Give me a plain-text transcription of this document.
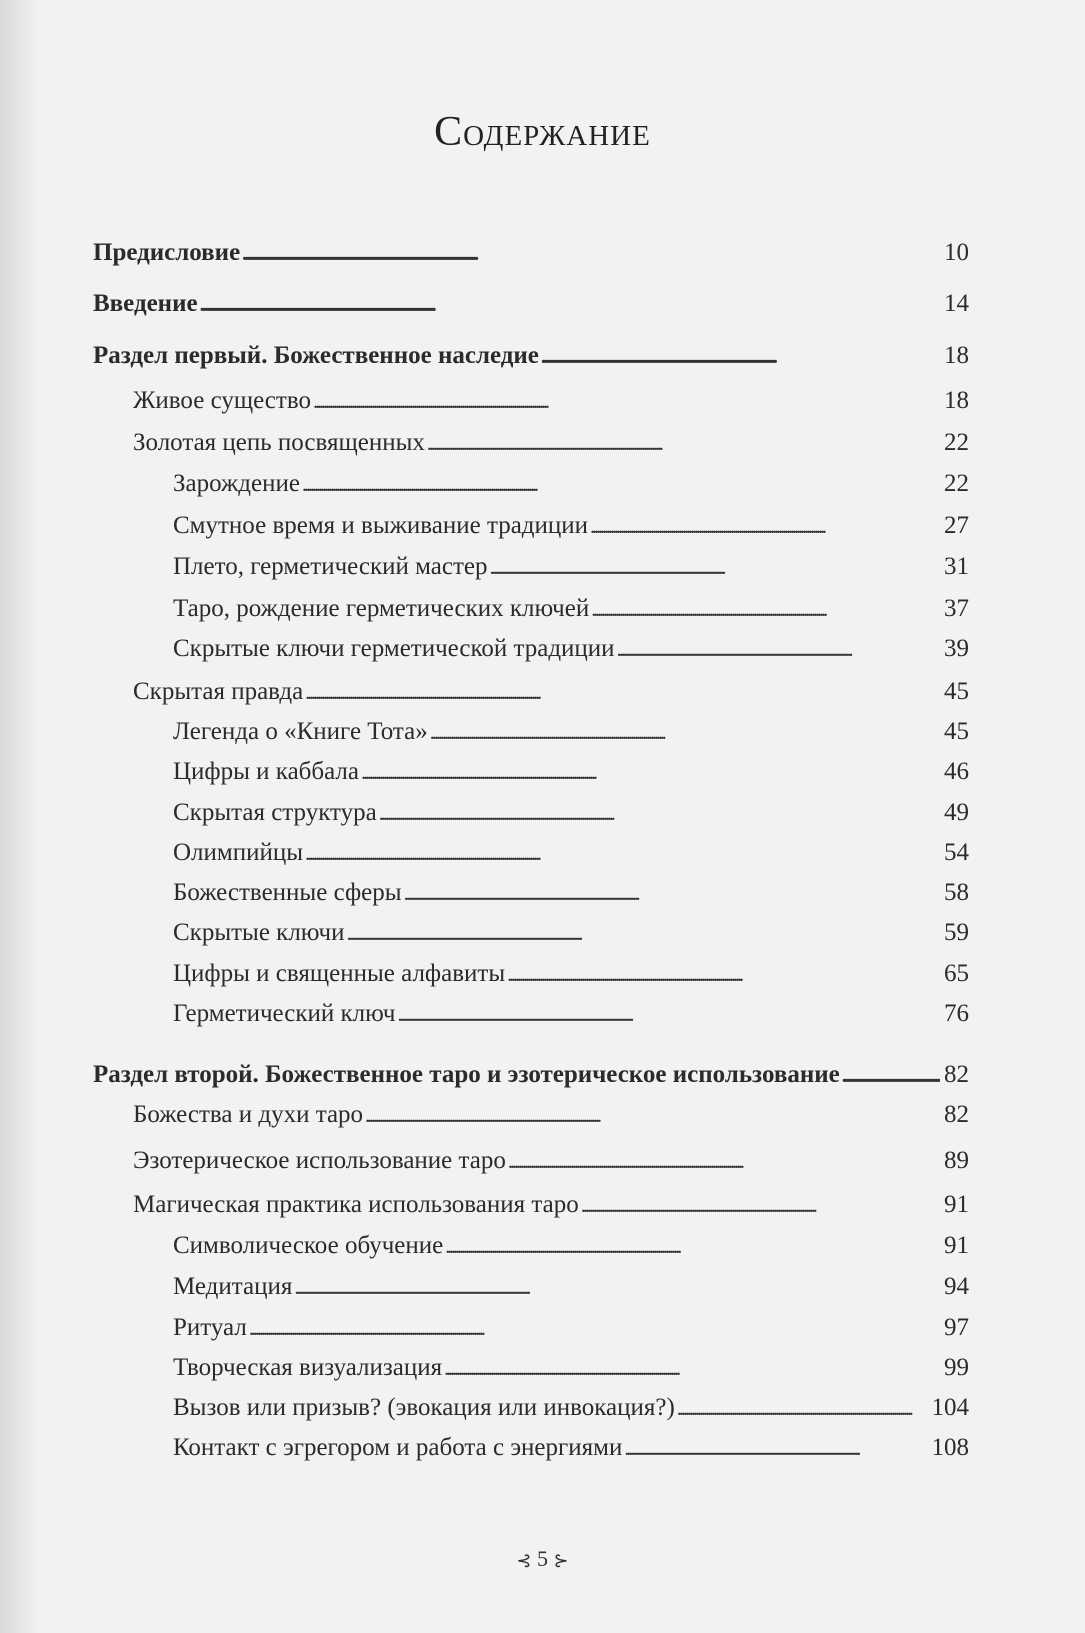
Содержание
Предисловие . . .	10
Введение . . .	14
Раздел первый. Божественное наследие . . .	18
Живое существо . . .	18
Золотая цепь посвященных . . .	22
Зарождение . . .	22
Смутное время и выживание традиции . . .	27
Плето, герметический мастер . . .	31
Таро, рождение герметических ключей . . .	37
Скрытые ключи герметической традиции . . .	39
Скрытая правда . . .	45
Легенда о «Книге Тота» . . .	45
Цифры и каббала . . .	46
Скрытая структура . . .	49
Олимпийцы . . .	54
Божественные сферы . . .	58
Скрытые ключи . . .	59
Цифры и священные алфавиты . . .	65
Герметический ключ . . .	76
Раздел второй. Божественное таро и эзотерическое использование . . .	82
Божества и духи таро . . .	82
Эзотерическое использование таро . . .	89
Магическая практика использования таро . . .	91
Символическое обучение . . .	91
Медитация . . .	94
Ритуал . . .	97
Творческая визуализация . . .	99
Вызов или призыв? (эвокация или инвокация?) . . .	104
Контакт с эгрегором и работа с энергиями . . .	108
⊰ 5 ⊱
